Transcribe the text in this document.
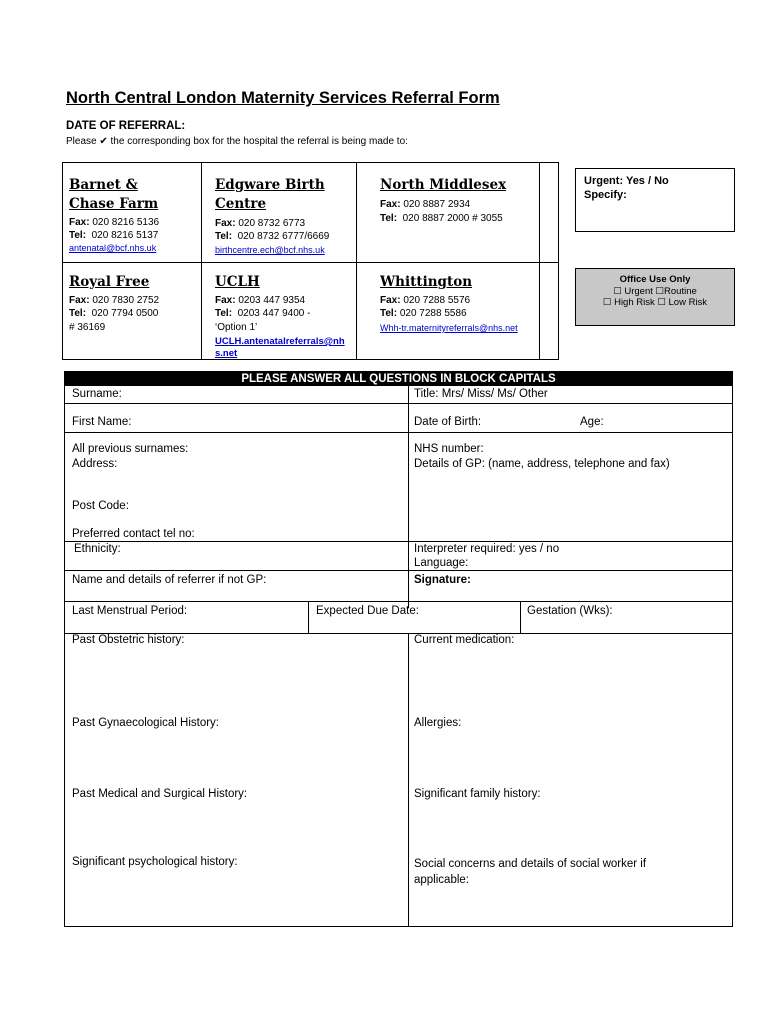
North Central London Maternity Services Referral Form
DATE OF REFERRAL:
Please ✔ the corresponding box for the hospital the referral is being made to:
Barnet &
Chase Farm
Fax: 020 8216 5136
Tel: 020 8216 5137
antenatal@bcf.nhs.uk
Edgware Birth
Centre
Fax: 020 8732 6773
Tel: 020 8732 6777/6669
birthcentre.ech@bcf.nhs.uk
North Middlesex
Fax: 020 8887 2934
Tel: 020 8887 2000 # 3055
Royal Free
Fax: 020 7830 2752
Tel: 020 7794 0500
# 36169
UCLH
Fax: 0203 447 9354
Tel: 0203 447 9400 -
‘Option 1’
UCLH.antenatalreferrals@nh
s.net
Whittington
Fax: 020 7288 5576
Tel: 020 7288 5586
Whh-tr.maternityreferrals@nhs.net
Urgent: Yes / No
Specify:
Office Use Only
☐ Urgent ☐Routine
☐ High Risk ☐ Low Risk
PLEASE ANSWER ALL QUESTIONS IN BLOCK CAPITALS
Surname:	Title: Mrs/ Miss/ Ms/ Other
First Name:	Date of Birth:	Age:
All previous surnames:	NHS number:
Address:	Details of GP: (name, address, telephone and fax)
Post Code:
Preferred contact tel no:
Ethnicity:	Interpreter required: yes / no
Language:
Name and details of referrer if not GP:	Signature:
Last Menstrual Period:	Expected Due Date:	Gestation (Wks):
Past Obstetric history:	Current medication:
Past Gynaecological History:	Allergies:
Past Medical and Surgical History:	Significant family history:
Significant psychological history:	Social concerns and details of social worker if
applicable:
